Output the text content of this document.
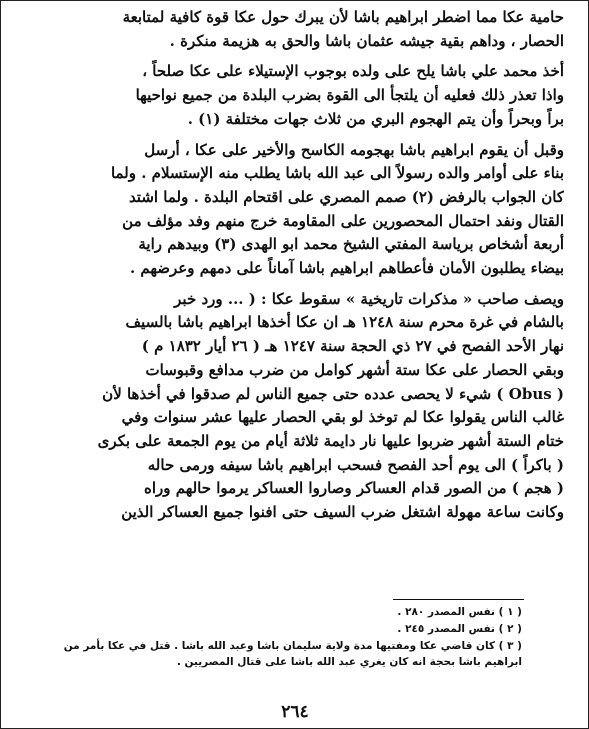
حامية عكا مما اضطر ابراهيم باشا لأن يبرك حول عكا قوة كافية لمتابعة

الحصار ، وداهم بقية جيشه عثمان باشا والحق به هزيمة منكرة .

أخذ محمد علي باشا يلح على ولده بوجوب الإستيلاء على عكا صلحاً ،

واذا تعذر ذلك فعليه أن يلتجأ الى القوة بضرب البلدة من جميع نواحيها

براً وبحراً وأن يتم الهجوم البري من ثلاث جهات مختلفة (١) .

وقبل أن يقوم ابراهيم باشا بهجومه الكاسح والأخير على عكا ، أرسل

بناء على أوامر والده رسولاً الى عبد الله باشا يطلب منه الإستسلام . ولما

كان الجواب بالرفض (٢) صمم المصري على اقتحام البلدة . ولما اشتد

القتال ونفد احتمال المحصورين على المقاومة خرج منهم وفد مؤلف من

أربعة أشخاص برياسة المفتي الشيخ محمد ابو الهدى (٣) وبيدهم راية

بيضاء يطلبون الأمان فأعطاهم ابراهيم باشا آماناً على دمهم وعرضهم .

ويصف صاحب « مذكرات تاريخية » سقوط عكا : ( ... ورد خبر

بالشام في غرة محرم سنة ١٢٤٨ هـ ان عكا أخذها ابراهيم باشا بالسيف

نهار الأحد الفصح في ٢٧ ذي الحجة سنة ١٢٤٧ هـ ( ٢٦ أيار ١٨٣٢ م )

وبقي الحصار على عكا ستة أشهر كوامل من ضرب مدافع وقبوسات

( Obus ) شيء لا يحصى عدده حتى جميع الناس لم صدقوا في أخذها لأن

غالب الناس يقولوا عكا لم توخذ لو بقي الحصار عليها عشر سنوات وفي

ختام الستة أشهر ضربوا عليها نار دايمة ثلاثة أيام من يوم الجمعة على بكرى

( باكراً ) الى يوم أحد الفصح فسحب ابراهيم باشا سيفه ورمى حاله

( هجم ) من الصور قدام العساكر وصاروا العساكر يرموا حالهم وراه

وكانت ساعة مهولة اشتغل ضرب السيف حتى افنوا جميع العساكر الذين

( ١ ) نفس المصدر ٢٨٠ .

( ٢ ) نفس المصدر ٢٤٥ .

( ٣ ) كان قاضي عكا ومفتيها مدة ولاية سليمان باشا وعبد الله باشا . قتل في عكا بأمر من

ابراهيم باشا بحجة انه كان يغري عبد الله باشا على قتال المصريين .

٢٦٤
